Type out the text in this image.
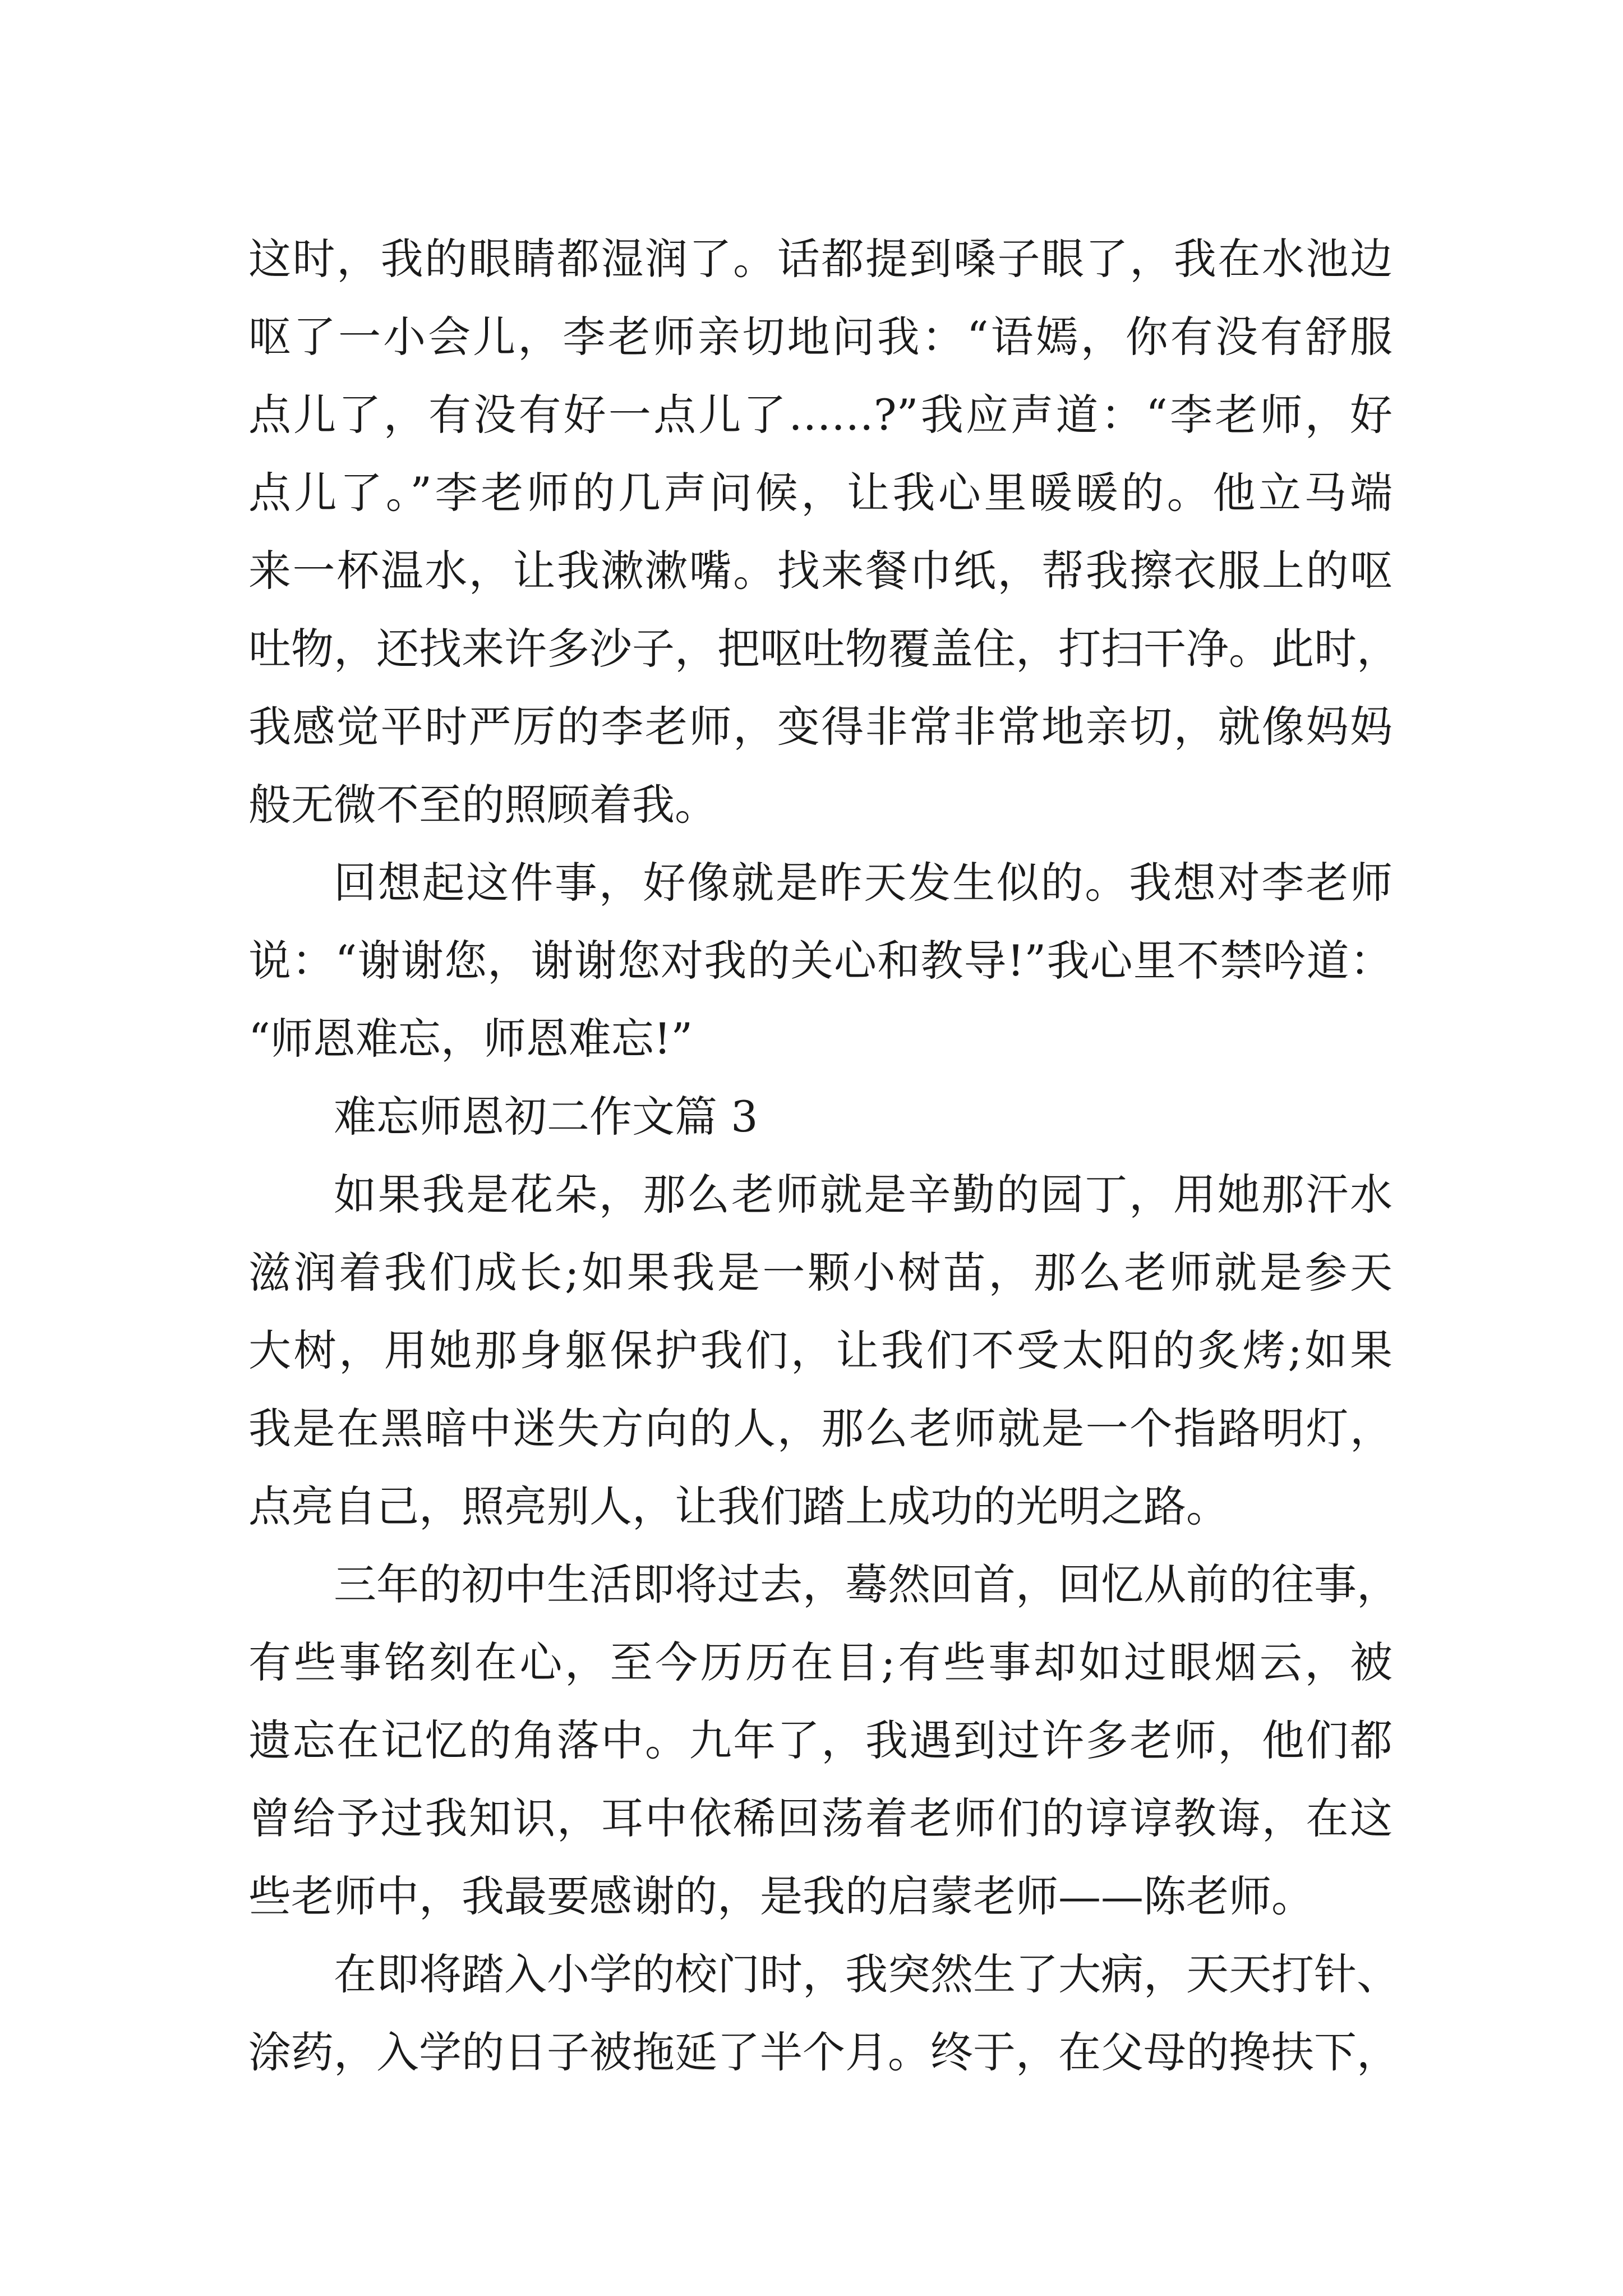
这时，我的眼睛都湿润了。话都提到嗓子眼了，我在水池边
呕了一小会儿，李老师亲切地问我：“语嫣，你有没有舒服
点儿了，有没有好一点儿了……?”我应声道：“李老师，好
点儿了。”李老师的几声问候，让我心里暖暖的。他立马端
来一杯温水，让我漱漱嘴。找来餐巾纸，帮我擦衣服上的呕
吐物，还找来许多沙子，把呕吐物覆盖住，打扫干净。此时，
我感觉平时严厉的李老师，变得非常非常地亲切，就像妈妈
般无微不至的照顾着我。
回想起这件事，好像就是昨天发生似的。我想对李老师
说：“谢谢您，谢谢您对我的关心和教导!”我心里不禁吟道：
“师恩难忘，师恩难忘!”
难忘师恩初二作文篇 3
如果我是花朵，那么老师就是辛勤的园丁，用她那汗水
滋润着我们成长;如果我是一颗小树苗，那么老师就是参天
大树，用她那身躯保护我们，让我们不受太阳的炙烤;如果
我是在黑暗中迷失方向的人，那么老师就是一个指路明灯，
点亮自己，照亮别人，让我们踏上成功的光明之路。
三年的初中生活即将过去，蓦然回首，回忆从前的往事，
有些事铭刻在心，至今历历在目;有些事却如过眼烟云，被
遗忘在记忆的角落中。九年了，我遇到过许多老师，他们都
曾给予过我知识，耳中依稀回荡着老师们的谆谆教诲，在这
些老师中，我最要感谢的，是我的启蒙老师——陈老师。
在即将踏入小学的校门时，我突然生了大病，天天打针、
涂药，入学的日子被拖延了半个月。终于，在父母的搀扶下，
